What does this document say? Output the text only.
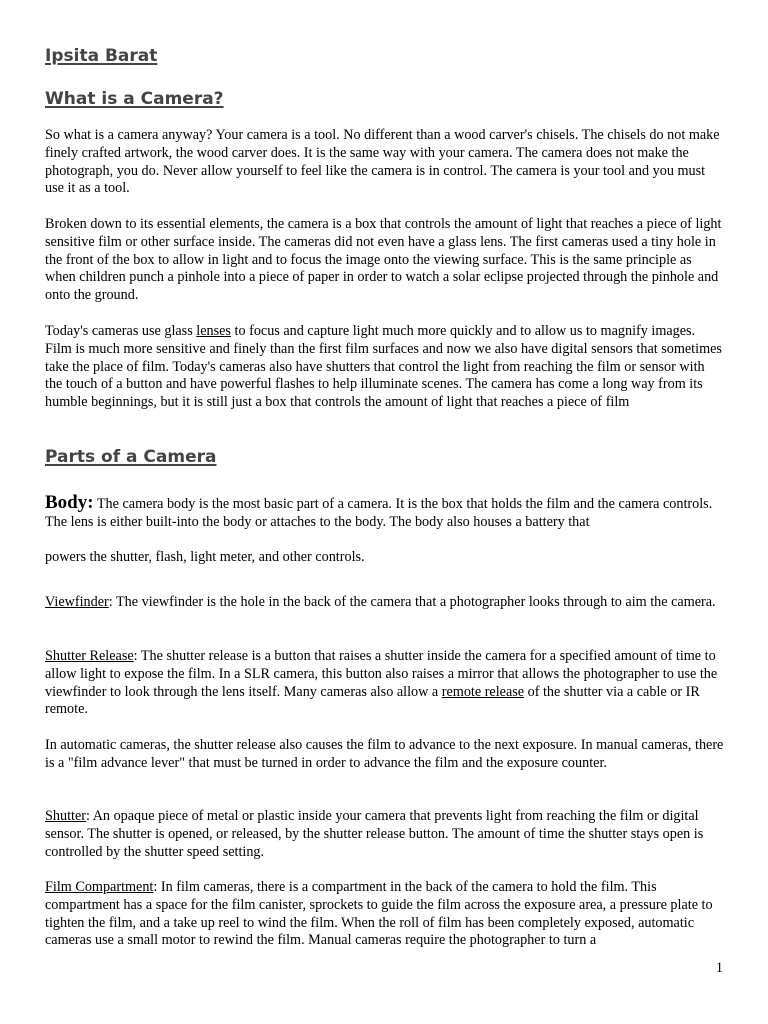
Ipsita Barat
What is a Camera?

So what is a camera anyway? Your camera is a tool. No different than a wood carver's chisels. The chisels do not make finely crafted artwork, the wood carver does. It is the same way with your camera. The camera does not make the photograph, you do. Never allow yourself to feel like the camera is in control. The camera is your tool and you must use it as a tool.

Broken down to its essential elements, the camera is a box that controls the amount of light that reaches a piece of light sensitive film or other surface inside. The cameras did not even have a glass lens. The first cameras used a tiny hole in the front of the box to allow in light and to focus the image onto the viewing surface. This is the same principle as when children punch a pinhole into a piece of paper in order to watch a solar eclipse projected through the pinhole and onto the ground.

Today's cameras use glass lenses to focus and capture light much more quickly and to allow us to magnify images. Film is much more sensitive and finely than the first film surfaces and now we also have digital sensors that sometimes take the place of film. Today's cameras also have shutters that control the light from reaching the film or sensor with the touch of a button and have powerful flashes to help illuminate scenes. The camera has come a long way from its humble beginnings, but it is still just a box that controls the amount of light that reaches a piece of film

Parts of a Camera

Body: The camera body is the most basic part of a camera. It is the box that holds the film and the camera controls. The lens is either built-into the body or attaches to the body. The body also houses a battery that

powers the shutter, flash, light meter, and other controls.

Viewfinder: The viewfinder is the hole in the back of the camera that a photographer looks through to aim the camera.

Shutter Release: The shutter release is a button that raises a shutter inside the camera for a specified amount of time to allow light to expose the film. In a SLR camera, this button also raises a mirror that allows the photographer to use the viewfinder to look through the lens itself. Many cameras also allow a remote release of the shutter via a cable or IR remote.

In automatic cameras, the shutter release also causes the film to advance to the next exposure. In manual cameras, there is a "film advance lever" that must be turned in order to advance the film and the exposure counter.

Shutter: An opaque piece of metal or plastic inside your camera that prevents light from reaching the film or digital sensor. The shutter is opened, or released, by the shutter release button. The amount of time the shutter stays open is controlled by the shutter speed setting.

Film Compartment: In film cameras, there is a compartment in the back of the camera to hold the film. This compartment has a space for the film canister, sprockets to guide the film across the exposure area, a pressure plate to tighten the film, and a take up reel to wind the film. When the roll of film has been completely exposed, automatic cameras use a small motor to rewind the film. Manual cameras require the photographer to turn a

1
